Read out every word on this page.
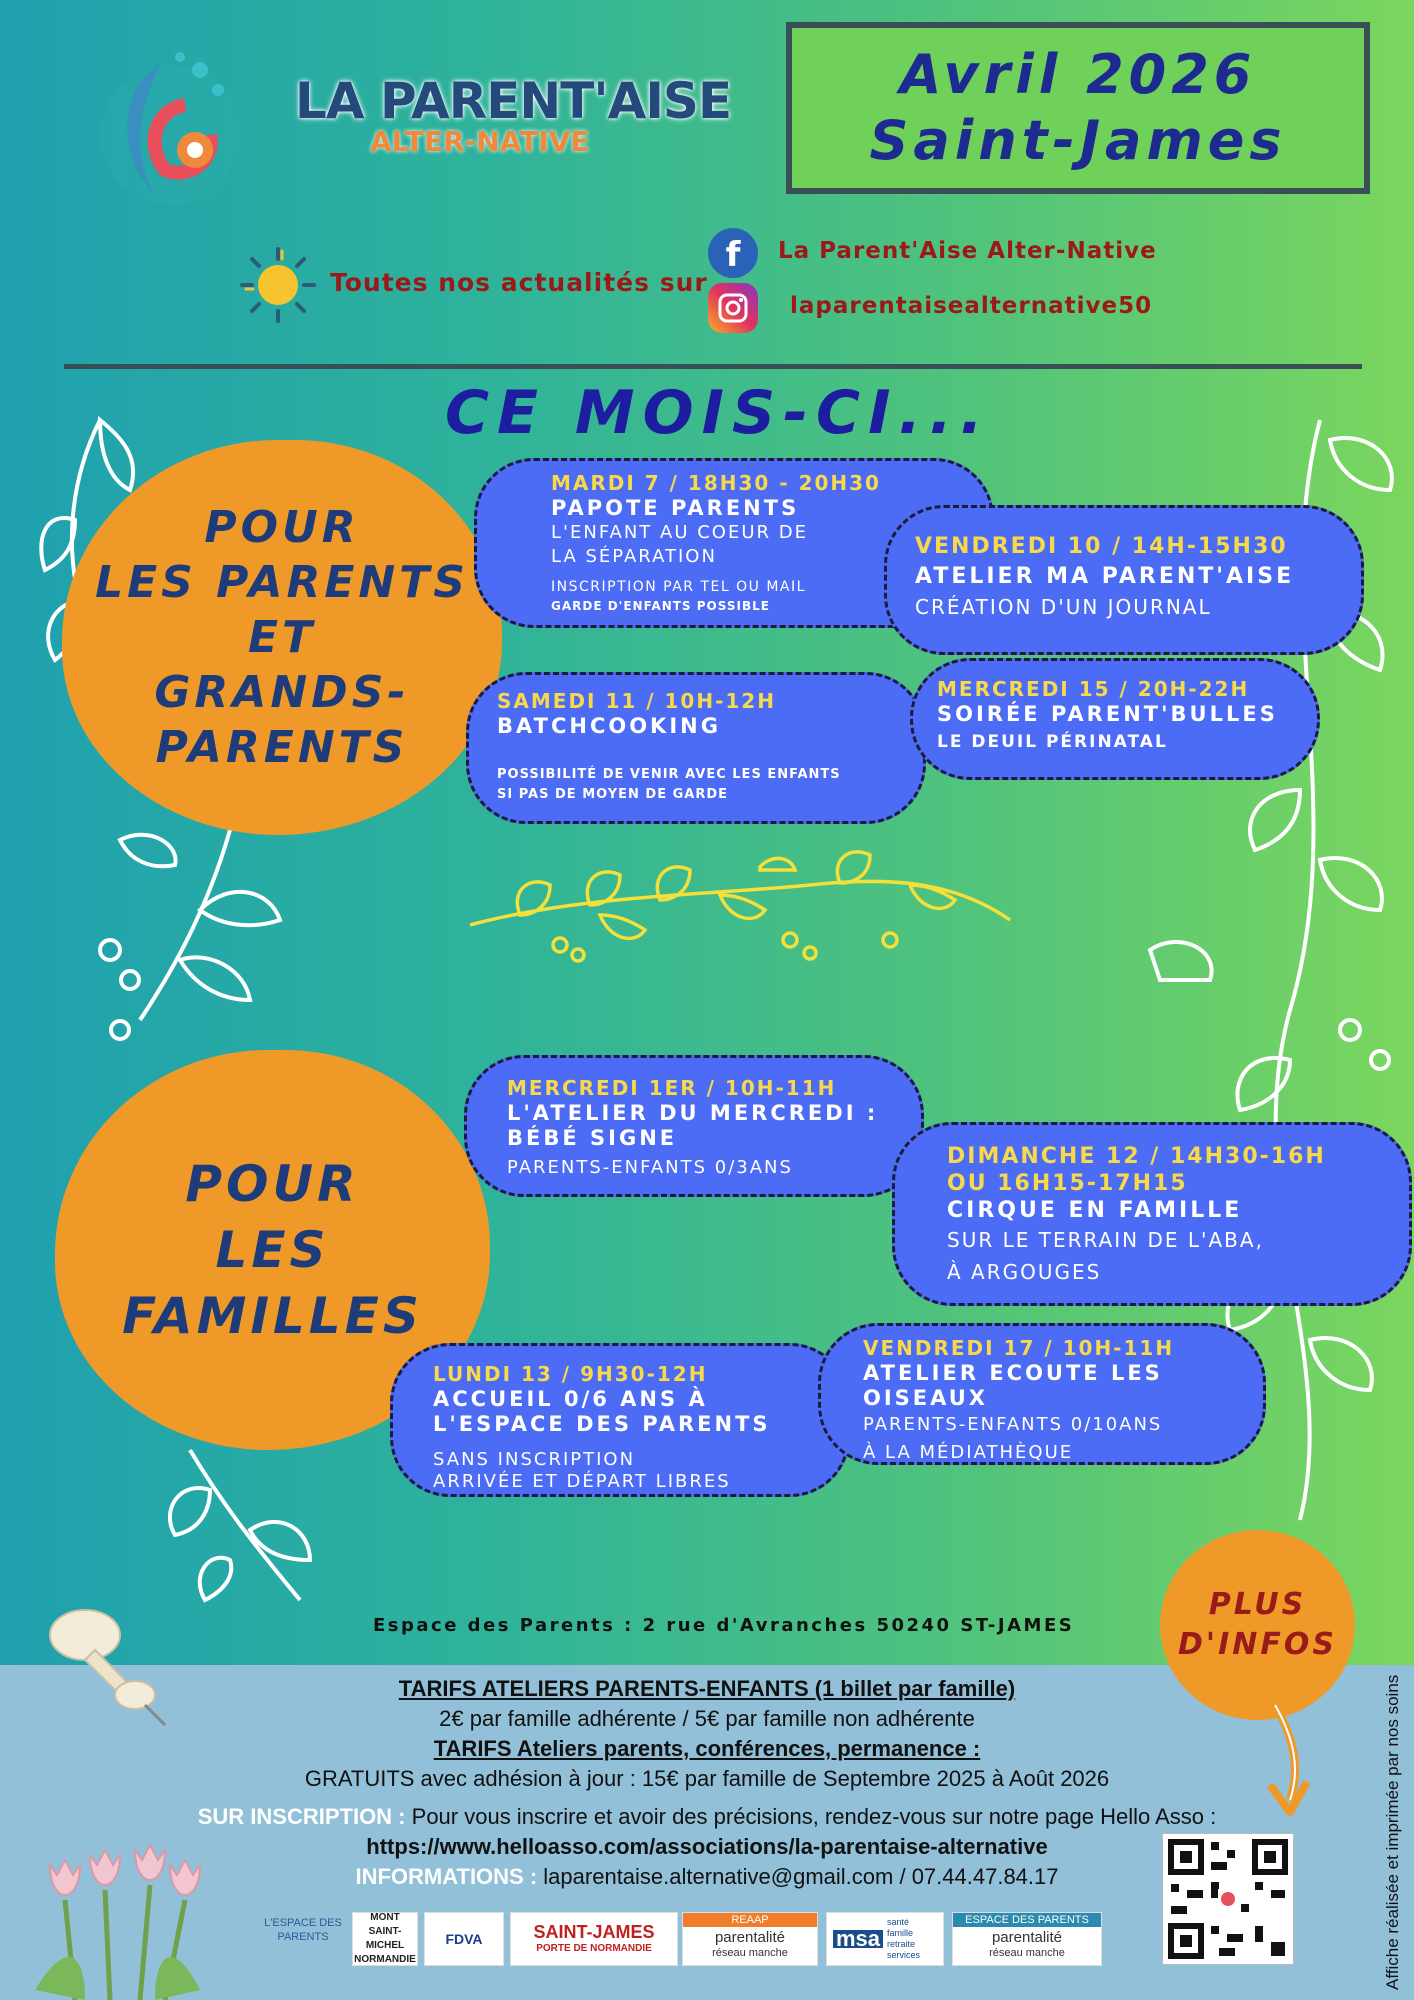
LA PARENT'AISE
ALTER-NATIVE
Avril 2026
Saint-James
Toutes nos actualités sur
f	La Parent'Aise Alter-Native
laparentaisealternative50
CE MOIS-CI...
POUR
LES PARENTS
ET
GRANDS-
PARENTS
MARDI 7 / 18H30 - 20H30
PAPOTE PARENTS
L'ENFANT AU COEUR DE
LA SÉPARATION
INSCRIPTION PAR TEL OU MAIL
GARDE D'ENFANTS POSSIBLE
VENDREDI 10 / 14H-15H30
ATELIER MA PARENT'AISE
CRÉATION D'UN JOURNAL
SAMEDI 11 / 10H-12H
BATCHCOOKING
POSSIBILITÉ DE VENIR AVEC LES ENFANTS
SI PAS DE MOYEN DE GARDE
MERCREDI 15 / 20H-22H
SOIRÉE PARENT'BULLES
LE DEUIL PÉRINATAL
POUR
LES
FAMILLES
MERCREDI 1ER / 10H-11H
L'ATELIER DU MERCREDI :
BÉBÉ SIGNE
PARENTS-ENFANTS 0/3ANS	DIMANCHE 12 / 14H30-16H
OU 16H15-17H15
CIRQUE EN FAMILLE
SUR LE TERRAIN DE L'ABA,
À ARGOUGES
LUNDI 13 / 9H30-12H
ACCUEIL 0/6 ANS À
L'ESPACE DES PARENTS
SANS INSCRIPTION
ARRIVÉE ET DÉPART LIBRES
VENDREDI 17 / 10H-11H
ATELIER ECOUTE LES
OISEAUX
PARENTS-ENFANTS 0/10ANS
À LA MÉDIATHÈQUE
Espace des Parents : 2 rue d'Avranches 50240 ST-JAMES
TARIFS ATELIERS PARENTS-ENFANTS (1 billet par famille)
2€ par famille adhérente / 5€ par famille non adhérente
TARIFS Ateliers parents, conférences, permanence :
GRATUITS avec adhésion à jour : 15€ par famille de Septembre 2025 à Août 2026
SUR INSCRIPTION : Pour vous inscrire et avoir des précisions, rendez-vous sur notre page Hello Asso :
https://www.helloasso.com/associations/la-parentaise-alternative
INFORMATIONS : laparentaise.alternative@gmail.com / 07.44.47.84.17
L'ESPACE DES PARENTS
MONT SAINT-MICHEL NORMANDIE
FDVA	SAINT-JAMES
PORTE DE NORMANDIE
REAAP
parentalité
réseau manche
msa
santé famille retraite services
ESPACE DES PARENTS
parentalité
réseau manche
PLUS
D'INFOS
Affiche réalisée et imprimée par nos soins
